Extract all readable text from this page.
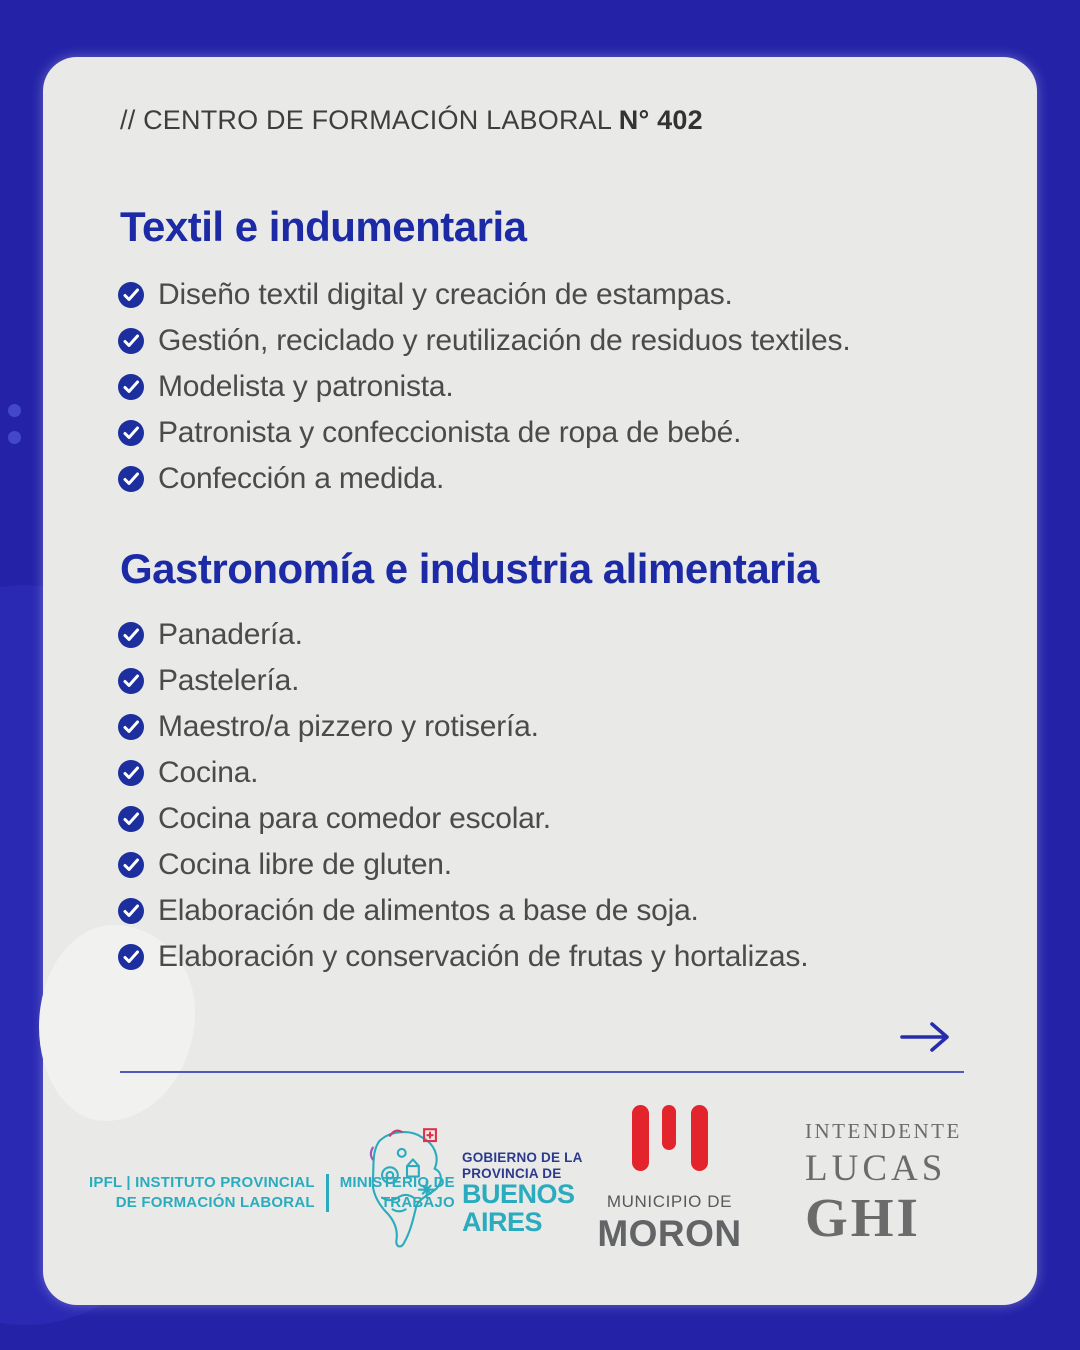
// CENTRO DE FORMACIÓN LABORAL N° 402
Textil e indumentaria
Diseño textil digital y creación de estampas.
Gestión, reciclado y reutilización de residuos textiles.
Modelista y patronista.
Patronista y confeccionista de ropa de bebé.
Confección a medida.
Gastronomía e industria alimentaria
Panadería.
Pastelería.
Maestro/a pizzero y rotisería.
Cocina.
Cocina para comedor escolar.
Cocina libre de gluten.
Elaboración de alimentos a base de soja.
Elaboración y conservación de frutas y hortalizas.
IPFL | INSTITUTO PROVINCIAL
DE FORMACIÓN LABORAL
MINISTERIO DE
TRABAJO
GOBIERNO DE LA
PROVINCIA DE
BUENOS
AIRES
MUNICIPIO DE
MORON
INTENDENTE
LUCAS
GHI
